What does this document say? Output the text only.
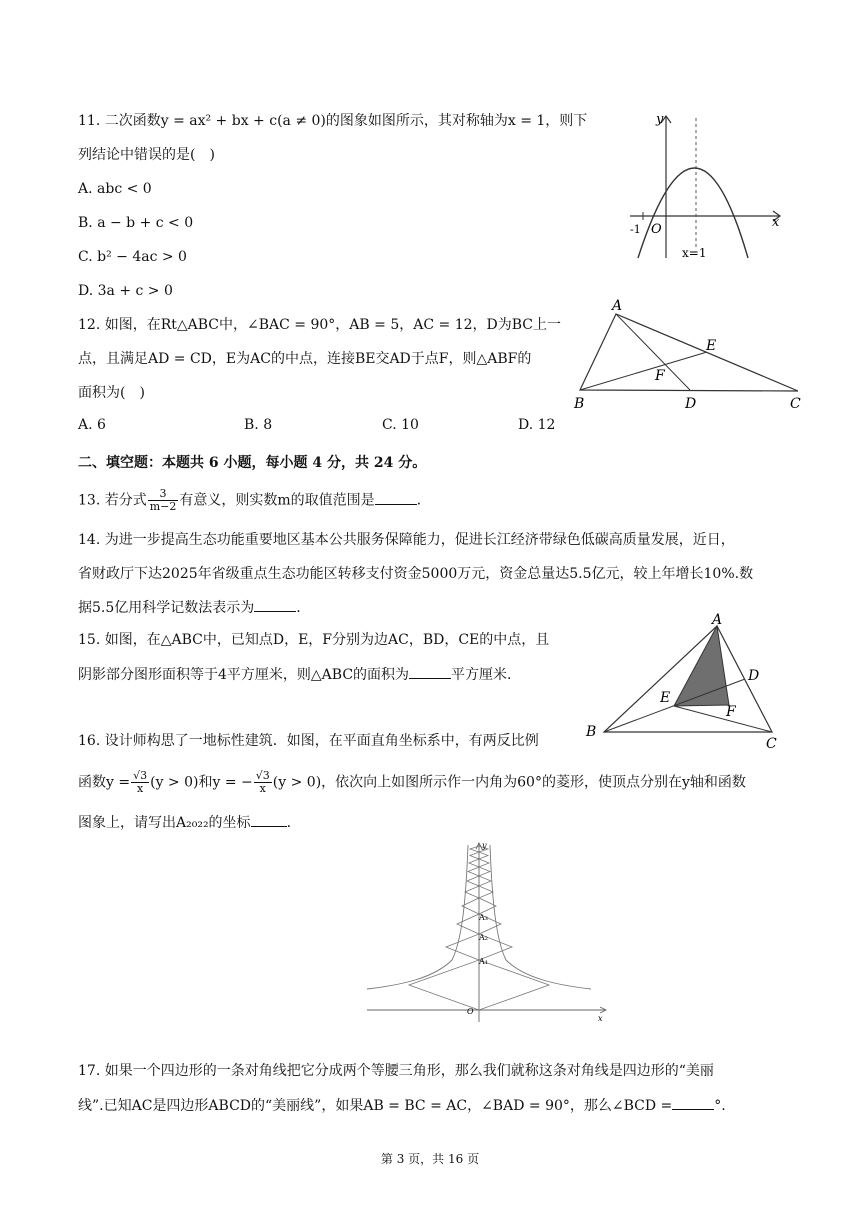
11. 二次函数y = ax² + bx + c(a ≠ 0)的图象如图所示，其对称轴为x = 1，则下
列结论中错误的是(　)
A. abc < 0
B. a − b + c < 0
C. b² − 4ac > 0
D. 3a + c > 0
y
x
-1 O
x=1
12. 如图，在Rt△ABC中，∠BAC = 90°，AB = 5，AC = 12，D为BC上一
点，且满足AD = CD，E为AC的中点，连接BE交AD于点F，则△ABF的
面积为(　)
A. 6	B. 8	C. 10	D. 12
A
B	C
D
E
F
二、填空题：本题共 6 小题，每小题 4 分，共 24 分。
13. 若分式 $\frac{3}{m-2}$ 有意义，则实数m的取值范围是	.
14. 为进一步提高生态功能重要地区基本公共服务保障能力，促进长江经济带绿色低碳高质量发展，近日，
省财政厅下达2025年省级重点生态功能区转移支付资金5000万元，资金总量达5.5亿元，较上年增长10%.数
据5.5亿用科学记数法表示为	.
15. 如图，在△ABC中，已知点D，E，F分别为边AC，BD，CE的中点，且
阴影部分图形面积等于4平方厘米，则△ABC的面积为	平方厘米.
A
B
C
D
E
F
16. 设计师构思了一地标性建筑．如图，在平面直角坐标系中，有两反比例
函数$y = \frac{√3}{x} (y > 0)$和y = − $\frac{√3}{x} (y > 0)$，依次向上如图所示作一内角为60°的菱形，使顶点分别在y轴和函数
图象上，请写出A₂₀₂₂的坐标	.
O
y
x
A₁
A₂
A₃
17. 如果一个四边形的一条对角线把它分成两个等腰三角形，那么我们就称这条对角线是四边形的“美丽
线”.已知AC是四边形ABCD的“美丽线”，如果AB = BC = AC，∠BAD = 90°，那么∠BCD =	°.
第 3 页，共 16 页
